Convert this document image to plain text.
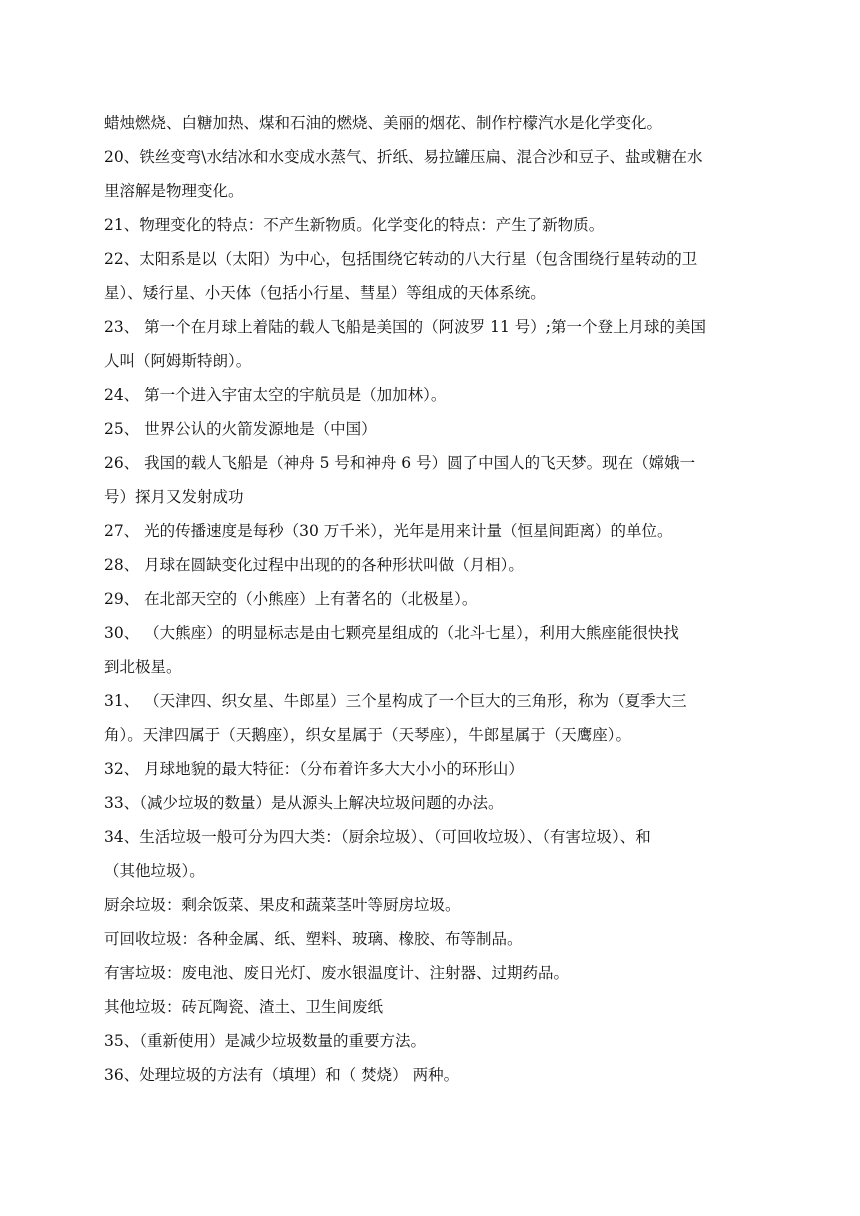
蜡烛燃烧、白糖加热、煤和石油的燃烧、美丽的烟花、制作柠檬汽水是化学变化。
20、铁丝变弯\水结冰和水变成水蒸气、折纸、易拉罐压扁、混合沙和豆子、盐或糖在水
里溶解是物理变化。
21、物理变化的特点：不产生新物质。化学变化的特点：产生了新物质。
22、太阳系是以（太阳）为中心，包括围绕它转动的八大行星（包含围绕行星转动的卫
星）、矮行星、小天体（包括小行星、彗星）等组成的天体系统。
23、 第一个在月球上着陆的载人飞船是美国的（阿波罗 11 号）;第一个登上月球的美国
人叫（阿姆斯特朗）。
24、 第一个进入宇宙太空的宇航员是（加加林）。
25、 世界公认的火箭发源地是（中国）
26、 我国的载人飞船是（神舟 5 号和神舟 6 号）圆了中国人的飞天梦。现在（嫦娥一
号）探月又发射成功
27、 光的传播速度是每秒（30 万千米），光年是用来计量（恒星间距离）的单位。
28、 月球在圆缺变化过程中出现的的各种形状叫做（月相）。
29、 在北部天空的（小熊座）上有著名的（北极星）。
30、 （大熊座）的明显标志是由七颗亮星组成的（北斗七星），利用大熊座能很快找
到北极星。
31、 （天津四、织女星、牛郎星）三个星构成了一个巨大的三角形，称为（夏季大三
角）。天津四属于（天鹅座），织女星属于（天琴座），牛郎星属于（天鹰座）。
32、 月球地貌的最大特征：（分布着许多大大小小的环形山）
33、（减少垃圾的数量）是从源头上解决垃圾问题的办法。
34、生活垃圾一般可分为四大类：（厨余垃圾）、（可回收垃圾）、（有害垃圾）、和
（其他垃圾）。
厨余垃圾：剩余饭菜、果皮和蔬菜茎叶等厨房垃圾。
可回收垃圾：各种金属、纸、塑料、玻璃、橡胶、布等制品。
有害垃圾：废电池、废日光灯、废水银温度计、注射器、过期药品。
其他垃圾：砖瓦陶瓷、渣土、卫生间废纸
35、（重新使用）是减少垃圾数量的重要方法。
36、处理垃圾的方法有（填埋）和（ 焚烧） 两种。
